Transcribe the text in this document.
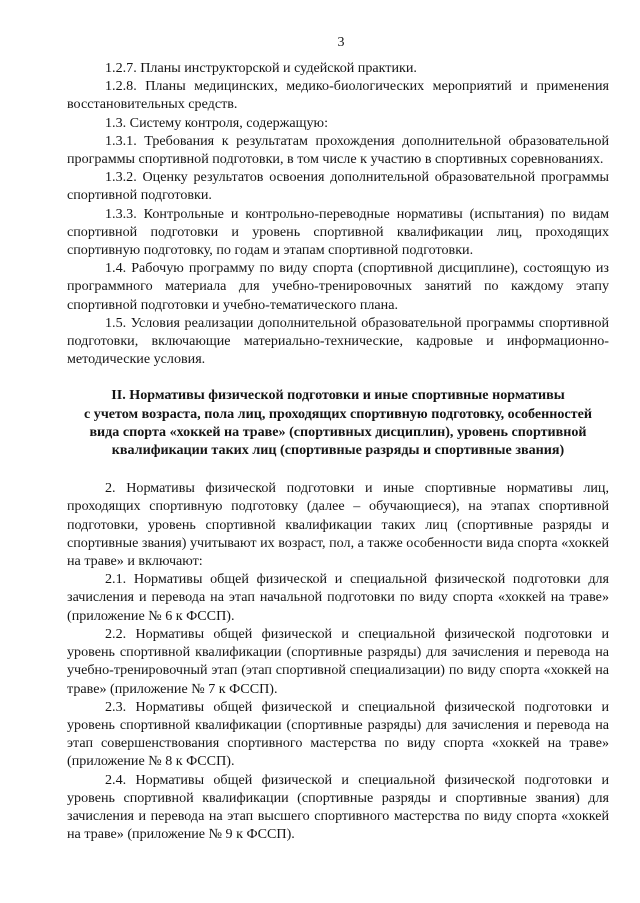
3

1.2.7. Планы инструкторской и судейской практики.

1.2.8. Планы медицинских, медико-биологических мероприятий и применения восстановительных средств.

1.3. Систему контроля, содержащую:

1.3.1. Требования к результатам прохождения дополнительной образовательной программы спортивной подготовки, в том числе к участию в спортивных соревнованиях.

1.3.2. Оценку результатов освоения дополнительной образовательной программы спортивной подготовки.

1.3.3. Контрольные и контрольно-переводные нормативы (испытания) по видам спортивной подготовки и уровень спортивной квалификации лиц, проходящих спортивную подготовку, по годам и этапам спортивной подготовки.

1.4. Рабочую программу по виду спорта (спортивной дисциплине), состоящую из программного материала для учебно-тренировочных занятий по каждому этапу спортивной подготовки и учебно-тематического плана.

1.5. Условия реализации дополнительной образовательной программы спортивной подготовки, включающие материально-технические, кадровые и информационно-методические условия.

II. Нормативы физической подготовки и иные спортивные нормативы
с учетом возраста, пола лиц, проходящих спортивную подготовку, особенностей
вида спорта «хоккей на траве» (спортивных дисциплин), уровень спортивной
квалификации таких лиц (спортивные разряды и спортивные звания)

2. Нормативы физической подготовки и иные спортивные нормативы лиц, проходящих спортивную подготовку (далее – обучающиеся), на этапах спортивной подготовки, уровень спортивной квалификации таких лиц (спортивные разряды и спортивные звания) учитывают их возраст, пол, а также особенности вида спорта «хоккей на траве» и включают:

2.1. Нормативы общей физической и специальной физической подготовки для зачисления и перевода на этап начальной подготовки по виду спорта «хоккей на траве» (приложение № 6 к ФССП).

2.2. Нормативы общей физической и специальной физической подготовки и уровень спортивной квалификации (спортивные разряды) для зачисления и перевода на учебно-тренировочный этап (этап спортивной специализации) по виду спорта «хоккей на траве» (приложение № 7 к ФССП).

2.3. Нормативы общей физической и специальной физической подготовки и уровень спортивной квалификации (спортивные разряды) для зачисления и перевода на этап совершенствования спортивного мастерства по виду спорта «хоккей на траве» (приложение № 8 к ФССП).

2.4. Нормативы общей физической и специальной физической подготовки и уровень спортивной квалификации (спортивные разряды и спортивные звания) для зачисления и перевода на этап высшего спортивного мастерства по виду спорта «хоккей на траве» (приложение № 9 к ФССП).
